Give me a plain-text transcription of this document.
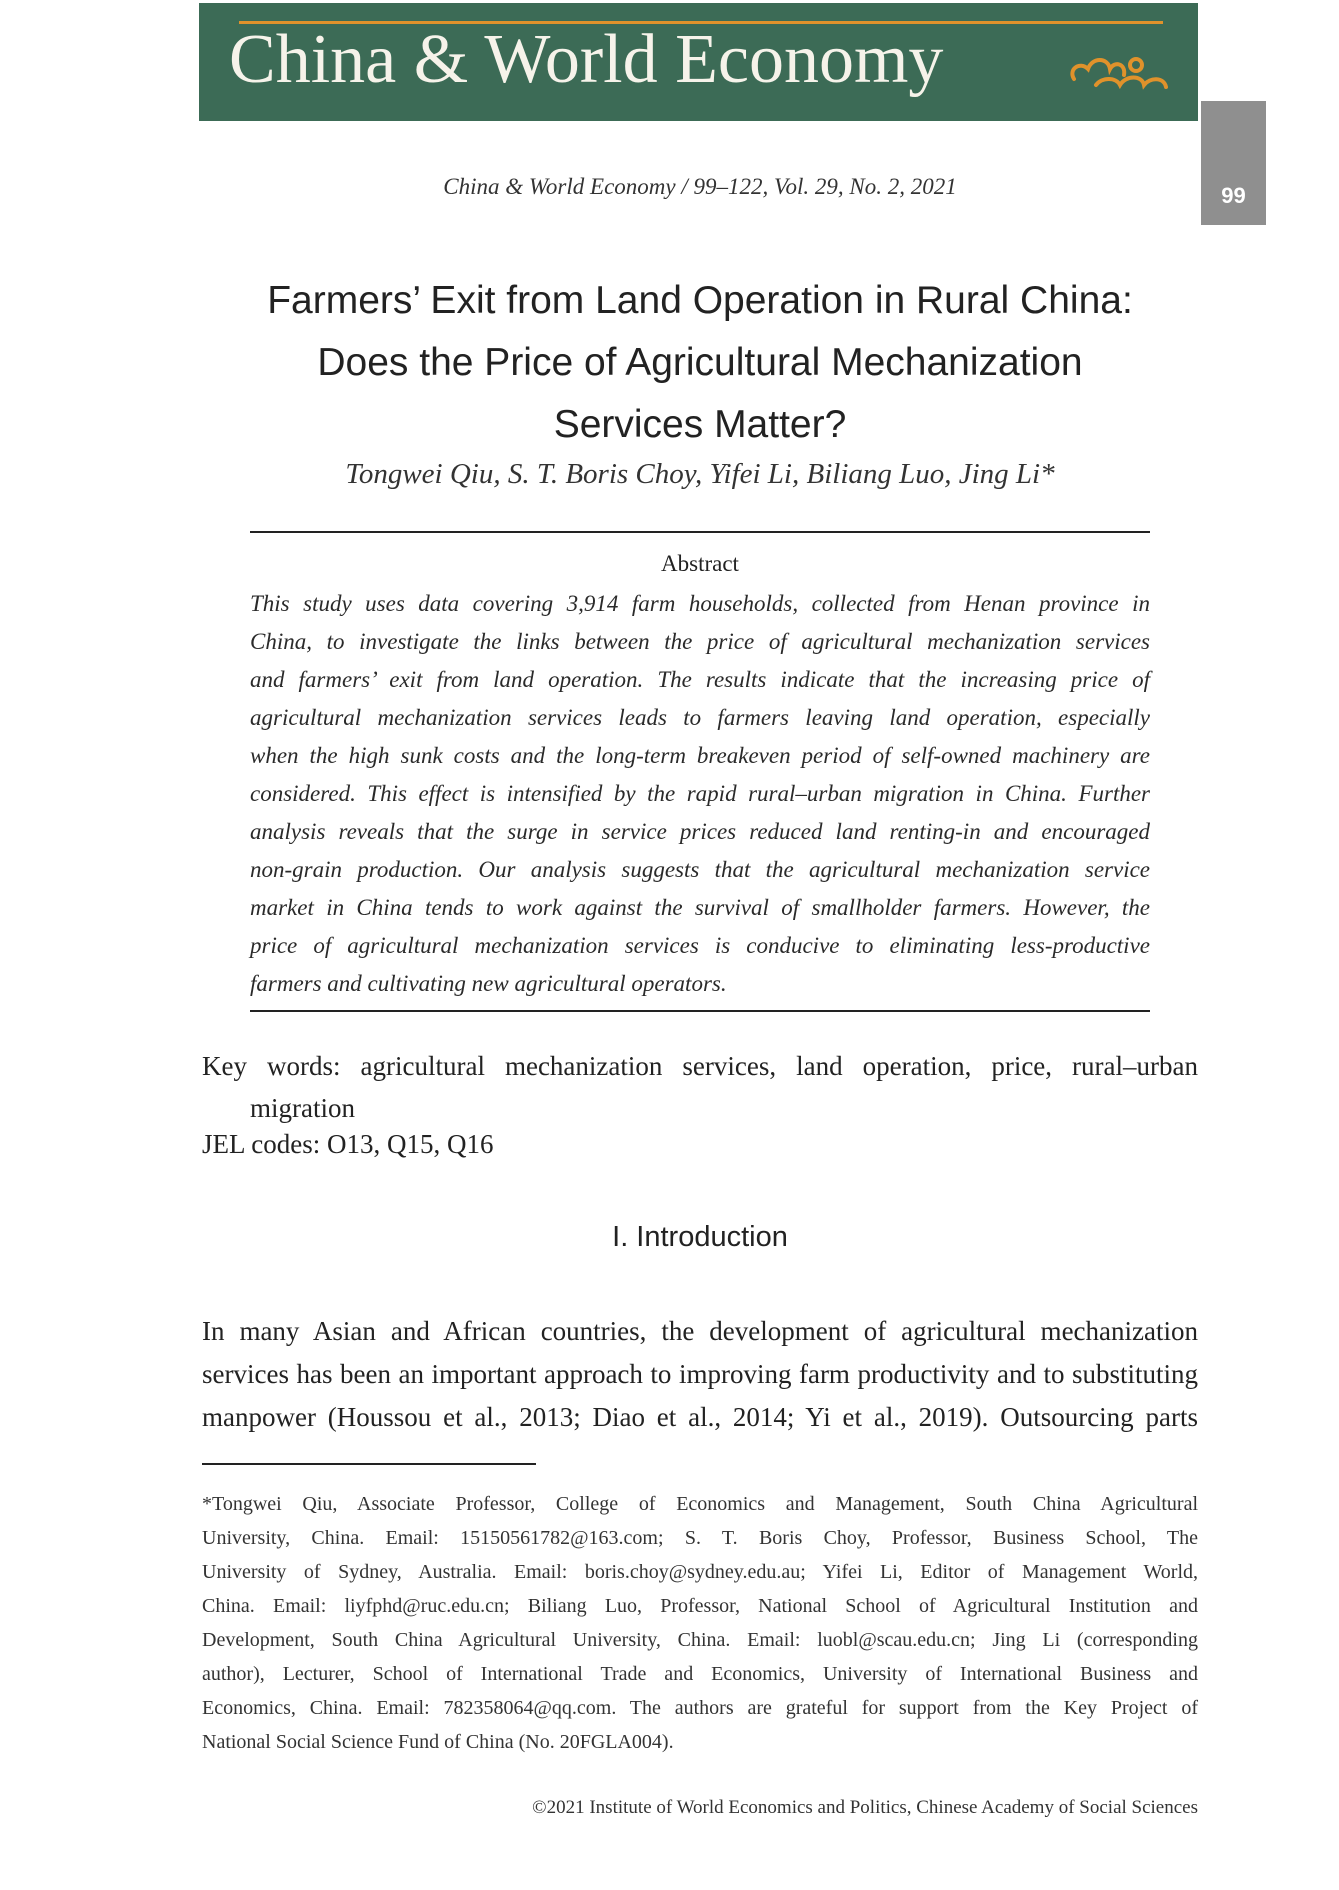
China & World Economy
99
China & World Economy / 99–122, Vol. 29, No. 2, 2021
Farmers’ Exit from Land Operation in Rural China:
Does the Price of Agricultural Mechanization
Services Matter?
Tongwei Qiu, S. T. Boris Choy, Yifei Li, Biliang Luo, Jing Li*
Abstract
This study uses data covering 3,914 farm households, collected from Henan province in
China, to investigate the links between the price of agricultural mechanization services
and farmers’ exit from land operation. The results indicate that the increasing price of
agricultural mechanization services leads to farmers leaving land operation, especially
when the high sunk costs and the long-term breakeven period of self-owned machinery are
considered. This effect is intensified by the rapid rural–urban migration in China. Further
analysis reveals that the surge in service prices reduced land renting-in and encouraged
non-grain production. Our analysis suggests that the agricultural mechanization service
market in China tends to work against the survival of smallholder farmers. However, the
price of agricultural mechanization services is conducive to eliminating less-productive
farmers and cultivating new agricultural operators.
Key words: agricultural mechanization services, land operation, price, rural–urban
migration
JEL codes: O13, Q15, Q16
I. Introduction
In many Asian and African countries, the development of agricultural mechanization
services has been an important approach to improving farm productivity and to substituting
manpower (Houssou et al., 2013; Diao et al., 2014; Yi et al., 2019). Outsourcing parts
*Tongwei Qiu, Associate Professor, College of Economics and Management, South China Agricultural
University, China. Email: 15150561782@163.com; S. T. Boris Choy, Professor, Business School, The
University of Sydney, Australia. Email: boris.choy@sydney.edu.au; Yifei Li, Editor of Management World,
China. Email: liyfphd@ruc.edu.cn; Biliang Luo, Professor, National School of Agricultural Institution and
Development, South China Agricultural University, China. Email: luobl@scau.edu.cn; Jing Li (corresponding
author), Lecturer, School of International Trade and Economics, University of International Business and
Economics, China. Email: 782358064@qq.com. The authors are grateful for support from the Key Project of
National Social Science Fund of China (No. 20FGLA004).
©2021 Institute of World Economics and Politics, Chinese Academy of Social Sciences
